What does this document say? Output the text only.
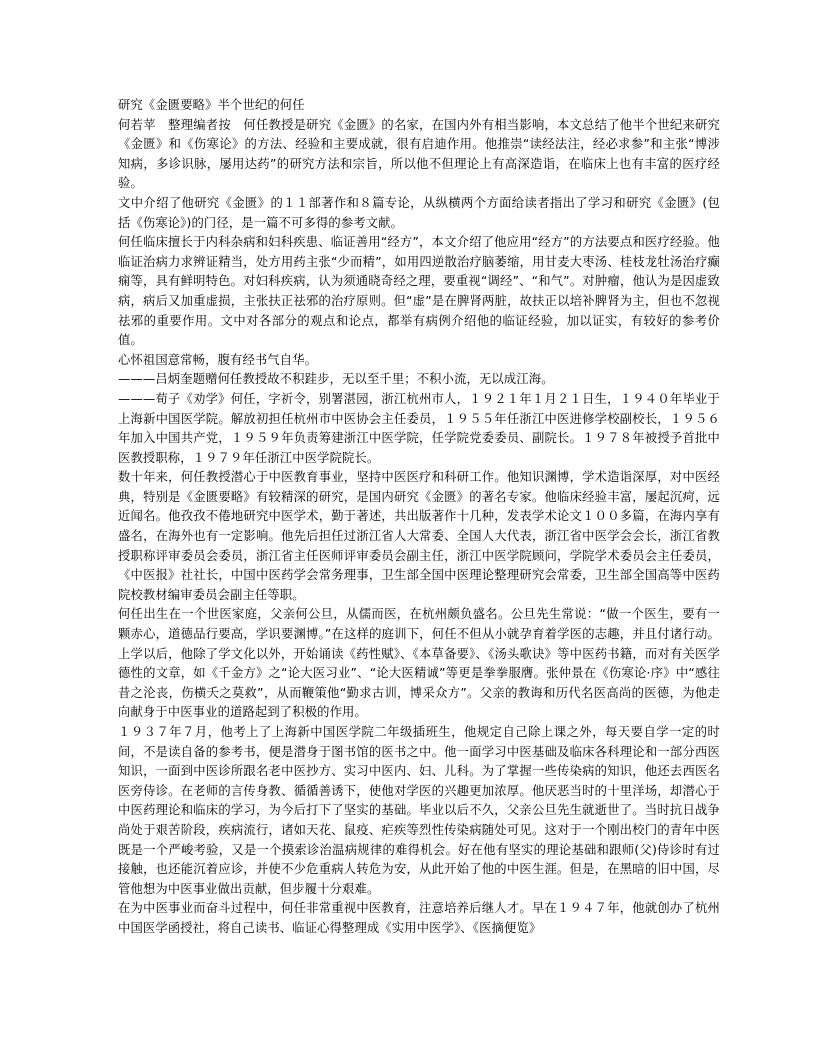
研究《金匮要略》半个世纪的何任

何若苹　整理编者按　何任教授是研究《金匮》的名家，在国内外有相当影响，本文总结了他半个世纪来研究《金匮》和《伤寒论》的方法、经验和主要成就，很有启迪作用。他推崇“读经法注，经必求参”和主张“博涉知病，多诊识脉，屡用达药”的研究方法和宗旨，所以他不但理论上有高深造诣，在临床上也有丰富的医疗经验。

文中介绍了他研究《金匮》的１１部著作和８篇专论，从纵横两个方面给读者指出了学习和研究《金匮》(包括《伤寒论》)的门径，是一篇不可多得的参考文献。

何任临床擅长于内科杂病和妇科疾患、临证善用“经方”，本文介绍了他应用“经方”的方法要点和医疗经验。他临证治病力求辨证精当，处方用药主张“少而精”，如用四逆散治疗脑萎缩，用甘麦大枣汤、桂枝龙牡汤治疗癫痫等，具有鲜明特色。对妇科疾病，认为须通晓奇经之理，要重视“调经”、“和气”。对肿瘤，他认为是因虚致病，病后又加重虚损，主张扶正祛邪的治疗原则。但“虚”是在脾肾两脏，故扶正以培补脾肾为主，但也不忽视祛邪的重要作用。文中对各部分的观点和论点，都举有病例介绍他的临证经验，加以证实，有较好的参考价值。

心怀祖国意常畅，腹有经书气自华。

———吕炳奎题赠何任教授故不积跬步，无以至千里；不积小流，无以成江海。

———荀子《劝学》何任，字祈令，别署湛园，浙江杭州市人，１９２１年１月２１日生，１９４０年毕业于上海新中国医学院。解放初担任杭州市中医协会主任委员，１９５５年任浙江中医进修学校副校长，１９５６年加入中国共产党，１９５９年负责筹建浙江中医学院，任学院党委委员、副院长。１９７８年被授予首批中医教授职称，１９７９年任浙江中医学院院长。

数十年来，何任教授潜心于中医教育事业，坚持中医医疗和科研工作。他知识渊博，学术造诣深厚，对中医经典，特别是《金匮要略》有较精深的研究，是国内研究《金匮》的著名专家。他临床经验丰富，屡起沉疴，远近闻名。他孜孜不倦地研究中医学术，勤于著述，共出版著作十几种，发表学术论文１００多篇，在海内享有盛名，在海外也有一定影响。他先后担任过浙江省人大常委、全国人大代表，浙江省中医学会会长，浙江省教授职称评审委员会委员，浙江省主任医师评审委员会副主任，浙江中医学院顾问，学院学术委员会主任委员，《中医报》社社长，中国中医药学会常务理事，卫生部全国中医理论整理研究会常委，卫生部全国高等中医药院校教材编审委员会副主任等职。

何任出生在一个世医家庭，父亲何公旦，从儒而医，在杭州颇负盛名。公旦先生常说：“做一个医生，要有一颗赤心，道德品行要高，学识要渊博。”在这样的庭训下，何任不但从小就孕育着学医的志趣，并且付诸行动。上学以后，他除了学文化以外，开始诵读《药性赋》、《本草备要》、《汤头歌诀》等中医药书籍，而对有关医学德性的文章，如《千金方》之“论大医习业”、“论大医精诚”等更是拳拳服膺。张仲景在《伤寒论·序》中“感往昔之沦丧，伤横夭之莫救”，从而鞭策他“勤求古训，博采众方”。父亲的教诲和历代名医高尚的医德，为他走向献身于中医事业的道路起到了积极的作用。

１９３７年７月，他考上了上海新中国医学院二年级插班生，他规定自己除上课之外，每天要自学一定的时间，不是读自备的参考书，便是潜身于图书馆的医书之中。他一面学习中医基础及临床各科理论和一部分西医知识，一面到中医诊所跟名老中医抄方、实习中医内、妇、儿科。为了掌握一些传染病的知识，他还去西医名医旁侍诊。在老师的言传身教、循循善诱下，使他对学医的兴趣更加浓厚。他厌恶当时的十里洋场，却潜心于中医药理论和临床的学习，为今后打下了坚实的基础。毕业以后不久，父亲公旦先生就逝世了。当时抗日战争尚处于艰苦阶段，疾病流行，诸如天花、鼠疫、疟疾等烈性传染病随处可见。这对于一个刚出校门的青年中医既是一个严峻考验，又是一个摸索诊治温病规律的难得机会。好在他有坚实的理论基础和跟师(父)侍诊时有过接触，也还能沉着应诊，并使不少危重病人转危为安，从此开始了他的中医生涯。但是，在黑暗的旧中国，尽管他想为中医事业做出贡献，但步履十分艰难。

在为中医事业而奋斗过程中，何任非常重视中医教育，注意培养后继人才。早在１９４７年，他就创办了杭州中国医学函授社，将自己读书、临证心得整理成《实用中医学》、《医摘便览》
